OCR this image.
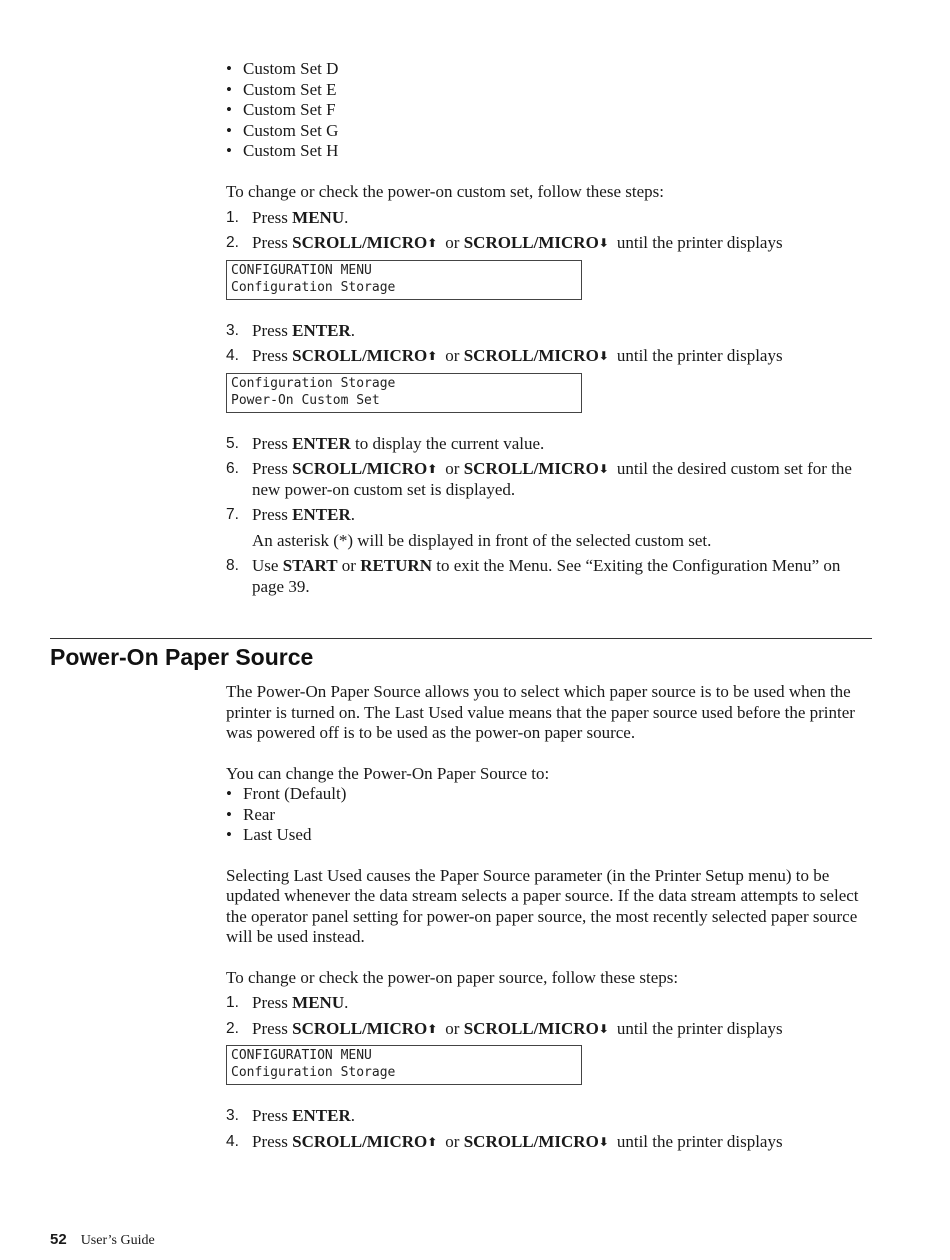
• Custom Set D
• Custom Set E
• Custom Set F
• Custom Set G
• Custom Set H

To change or check the power-on custom set, follow these steps:

1. Press MENU.
2. Press SCROLL/MICRO⬆ or SCROLL/MICRO⬇ until the printer displays
CONFIGURATION MENU
Configuration Storage
3. Press ENTER.
4. Press SCROLL/MICRO⬆ or SCROLL/MICRO⬇ until the printer displays
Configuration Storage
Power-On Custom Set
5. Press ENTER to display the current value.
6. Press SCROLL/MICRO⬆ or SCROLL/MICRO⬇ until the desired custom set for the new power-on custom set is displayed.
7. Press ENTER.

An asterisk (*) will be displayed in front of the selected custom set.

8. Use START or RETURN to exit the Menu. See “Exiting the Configuration Menu” on page 39.
Power-On Paper Source

The Power-On Paper Source allows you to select which paper source is to be used when the printer is turned on. The Last Used value means that the paper source used before the printer was powered off is to be used as the power-on paper source.

You can change the Power-On Paper Source to:

• Front (Default)
• Rear
• Last Used

Selecting Last Used causes the Paper Source parameter (in the Printer Setup menu) to be updated whenever the data stream selects a paper source. If the data stream attempts to select the operator panel setting for power-on paper source, the most recently selected paper source will be used instead.

To change or check the power-on paper source, follow these steps:

1. Press MENU.
2. Press SCROLL/MICRO⬆ or SCROLL/MICRO⬇ until the printer displays
CONFIGURATION MENU
Configuration Storage
3. Press ENTER.
4. Press SCROLL/MICRO⬆ or SCROLL/MICRO⬇ until the printer displays
52 User’s Guide
